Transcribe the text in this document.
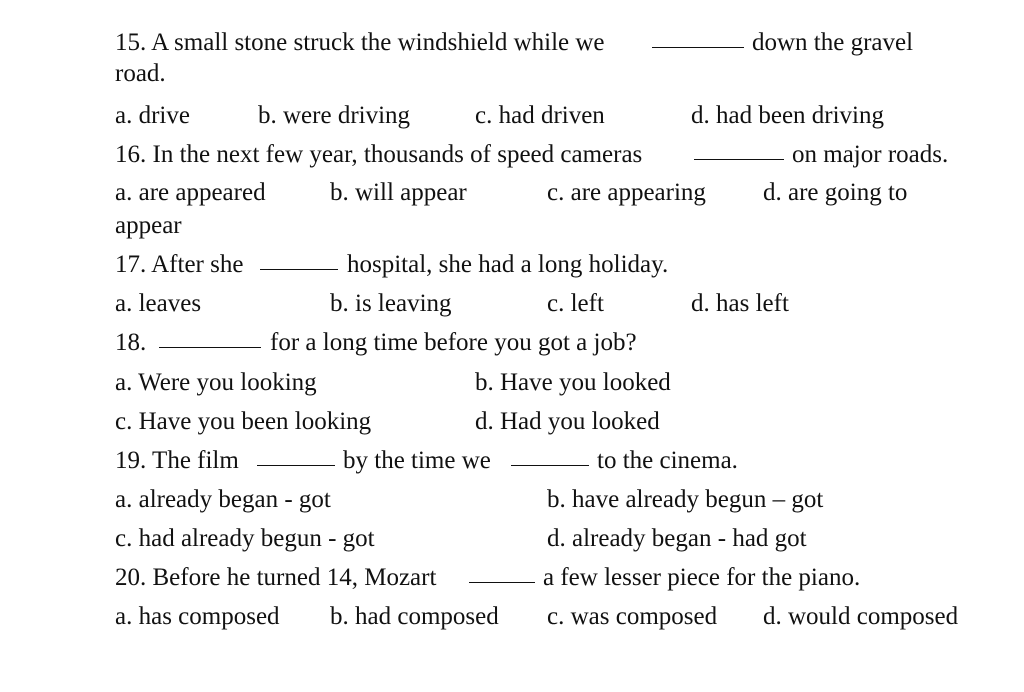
15. A small stone struck the windshield while we	down the gravel
road.
a. drive	b. were driving	c. had driven	d. had been driving
16. In the next few year, thousands of speed cameras	on major roads.
a. are appeared	b. will appear	c. are appearing d. are going to
appear
17. After she	hospital, she had a long holiday.
a. leaves	b. is leaving	c. left	d. has left
18.	for a long time before you got a job?
a. Were you looking	b. Have you looked
c. Have you been looking	d. Had you looked
19. The film	by the time we	to the cinema.
a. already began - got	b. have already begun – got
c. had already begun - got	d. already began - had got
20. Before he turned 14, Mozart	a few lesser piece for the piano.
a. has composed b. had composed c. was composed d. would composed
